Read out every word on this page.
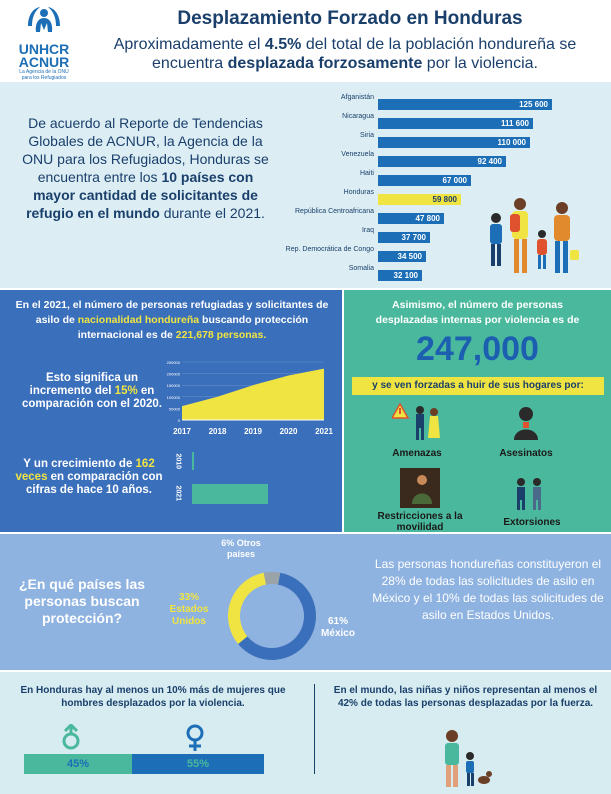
UNHCR
ACNUR
La Agencia de la ONU para los Refugiados
Desplazamiento Forzado en Honduras
Aproximadamente el 4.5% del total de la población hondureña se encuentra desplazada forzosamente por la violencia.
De acuerdo al Reporte de Tendencias Globales de ACNUR, la Agencia de la ONU para los Refugiados, Honduras se encuentra entre los 10 países con mayor cantidad de solicitantes de refugio en el mundo durante el 2021.
Afganistán
125 600
Nicaragua
111 600
Siria
110 000
Venezuela
92 400
Haiti
67 000
Honduras
59 800
República Centroafricana
47 800
Iraq
37 700
Rep. Democrática de Congo
34 500
Somalia
32 100
En el 2021, el número de personas refugiadas y solicitantes de asilo de nacionalidad hondureña buscando protección internacional es de 221,678 personas.
Esto significa un incremento del 15% en comparación con el 2020.
0
50000
100000
150000
200000
250000
2017 2018 2019 2020 2021
Y un crecimiento de 162 veces en comparación con cifras de hace 10 años.
2010
2021
Asimismo, el número de personas desplazadas internas por violencia es de
247,000
y se ven forzadas a huir de sus hogares por:
Amenazas	Asesinatos
Restricciones a la movilidad	Extorsiones
¿En qué países las personas buscan protección?	61% México
33% Estados Unidos
6% Otros países
Las personas hondureñas constituyeron el 28% de todas las solicitudes de asilo en México y el 10% de todas las solicitudes de asilo en Estados Unidos.
En Honduras hay al menos un 10% más de mujeres que hombres desplazados por la violencia.
En el mundo, las niñas y niños representan al menos el 42% de todas las personas desplazadas por la fuerza.
45%	55%
